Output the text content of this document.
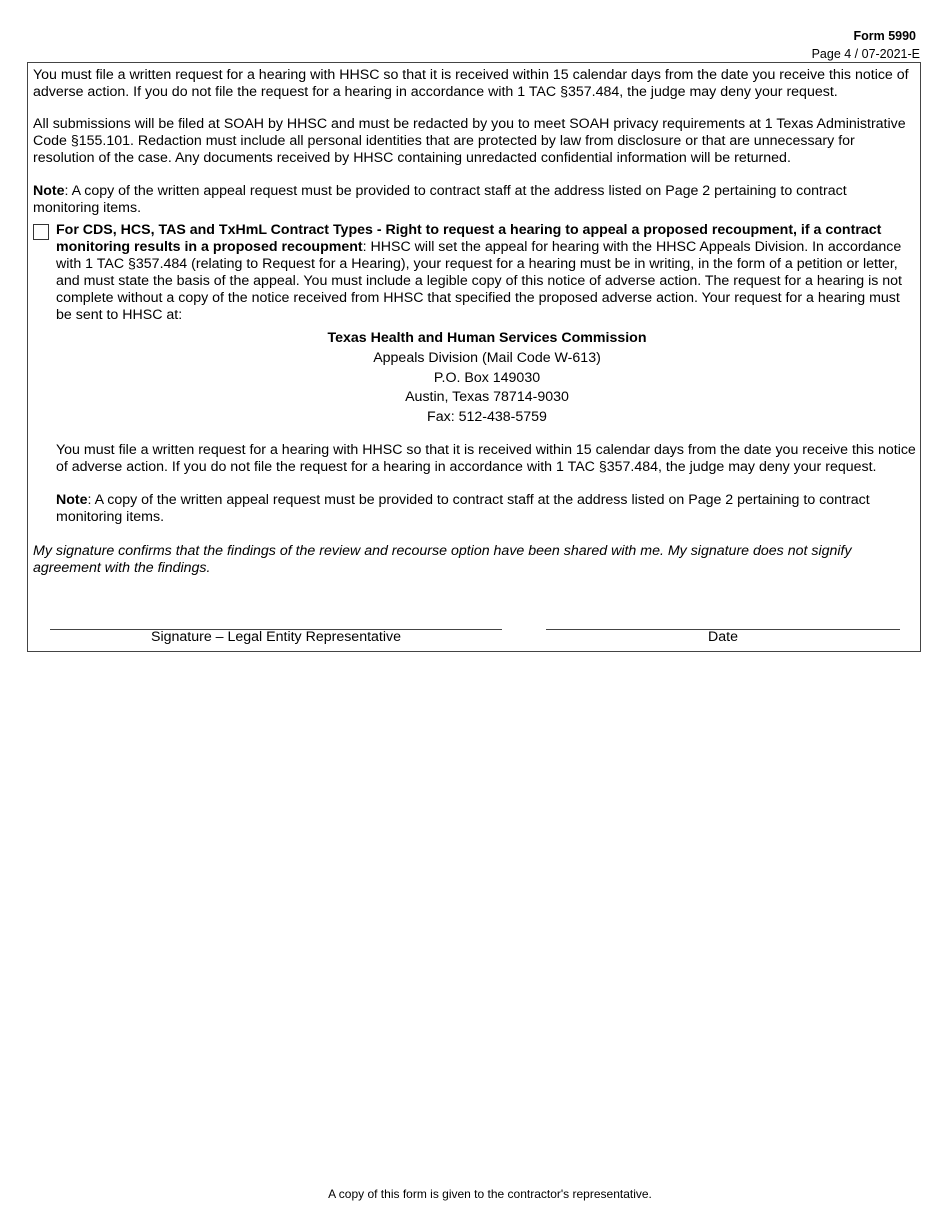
Form 5990
Page 4 / 07-2021-E

You must file a written request for a hearing with HHSC so that it is received within 15 calendar days from the date you receive this notice of adverse action. If you do not file the request for a hearing in accordance with 1 TAC §357.484, the judge may deny your request.

All submissions will be filed at SOAH by HHSC and must be redacted by you to meet SOAH privacy requirements at 1 Texas Administrative Code §155.101. Redaction must include all personal identities that are protected by law from disclosure or that are unnecessary for resolution of the case. Any documents received by HHSC containing unredacted confidential information will be returned.

Note: A copy of the written appeal request must be provided to contract staff at the address listed on Page 2 pertaining to contract monitoring items.

For CDS, HCS, TAS and TxHmL Contract Types - Right to request a hearing to appeal a proposed recoupment, if a contract monitoring results in a proposed recoupment: HHSC will set the appeal for hearing with the HHSC Appeals Division. In accordance with 1 TAC §357.484 (relating to Request for a Hearing), your request for a hearing must be in writing, in the form of a petition or letter, and must state the basis of the appeal. You must include a legible copy of this notice of adverse action. The request for a hearing is not complete without a copy of the notice received from HHSC that specified the proposed adverse action. Your request for a hearing must be sent to HHSC at:

Texas Health and Human Services Commission
Appeals Division (Mail Code W-613)
P.O. Box 149030
Austin, Texas 78714-9030
Fax: 512-438-5759

You must file a written request for a hearing with HHSC so that it is received within 15 calendar days from the date you receive this notice of adverse action. If you do not file the request for a hearing in accordance with 1 TAC §357.484, the judge may deny your request.

Note: A copy of the written appeal request must be provided to contract staff at the address listed on Page 2 pertaining to contract monitoring items.

My signature confirms that the findings of the review and recourse option have been shared with me. My signature does not signify agreement with the findings.

Signature – Legal Entity Representative	Date
A copy of this form is given to the contractor's representative.
